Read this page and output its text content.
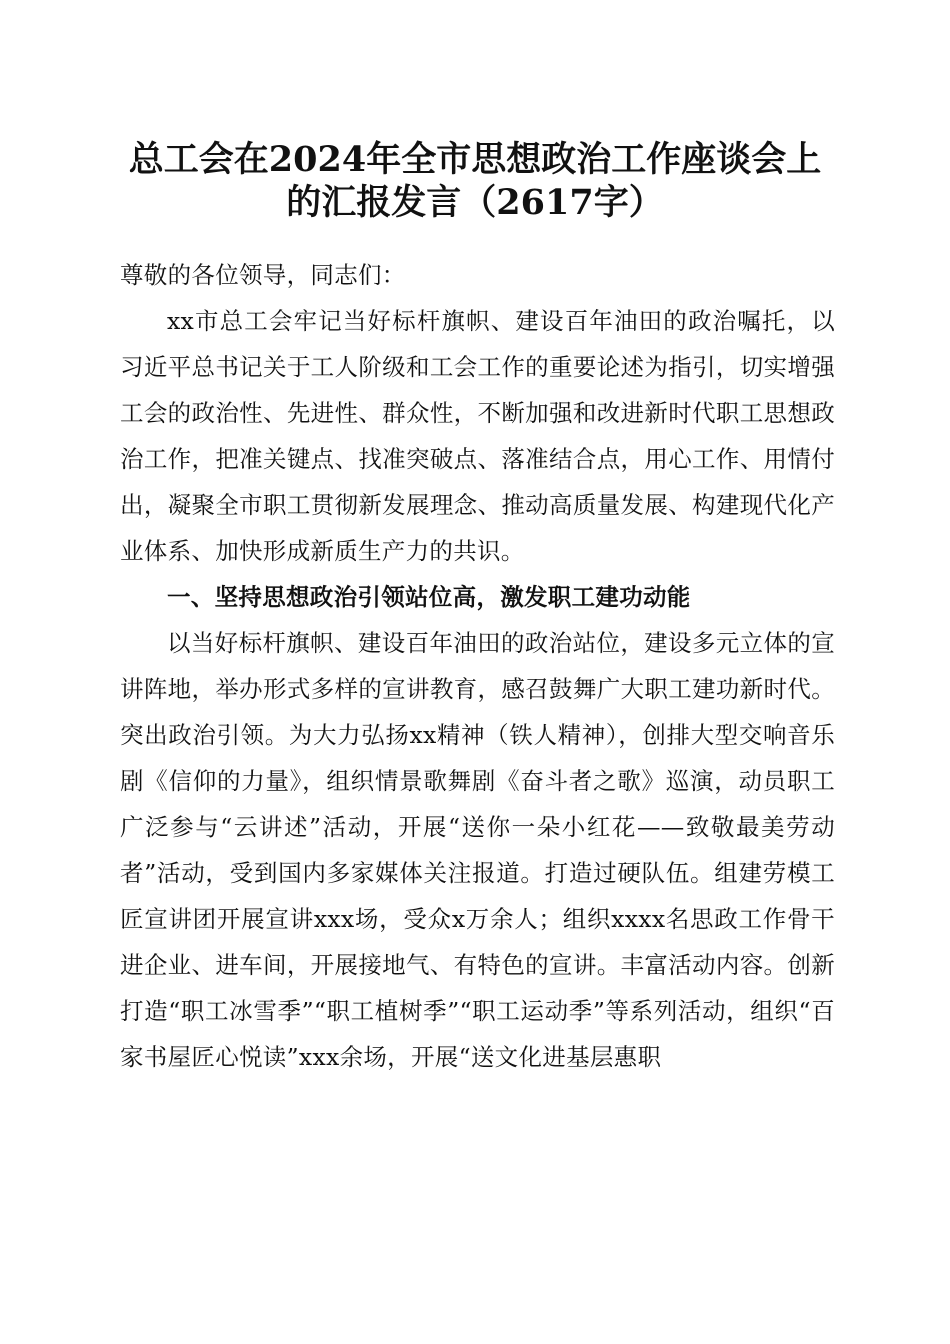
总工会在2024年全市思想政治工作座谈会上
的汇报发言（2617字）

尊敬的各位领导，同志们：

xx市总工会牢记当好标杆旗帜、建设百年油田的政治嘱托，以习近平总书记关于工人阶级和工会工作的重要论述为指引，切实增强工会的政治性、先进性、群众性，不断加强和改进新时代职工思想政治工作，把准关键点、找准突破点、落准结合点，用心工作、用情付出，凝聚全市职工贯彻新发展理念、推动高质量发展、构建现代化产业体系、加快形成新质生产力的共识。

一、坚持思想政治引领站位高，激发职工建功动能

以当好标杆旗帜、建设百年油田的政治站位，建设多元立体的宣讲阵地，举办形式多样的宣讲教育，感召鼓舞广大职工建功新时代。突出政治引领。为大力弘扬xx精神（铁人精神），创排大型交响音乐剧《信仰的力量》，组织情景歌舞剧《奋斗者之歌》巡演，动员职工广泛参与“云讲述”活动，开展“送你一朵小红花——致敬最美劳动者”活动，受到国内多家媒体关注报道。打造过硬队伍。组建劳模工匠宣讲团开展宣讲xxx场，受众x万余人；组织xxxx名思政工作骨干进企业、进车间，开展接地气、有特色的宣讲。丰富活动内容。创新打造“职工冰雪季”“职工植树季”“职工运动季”等系列活动，组织“百家书屋匠心悦读”xxx余场，开展“送文化进基层惠职
